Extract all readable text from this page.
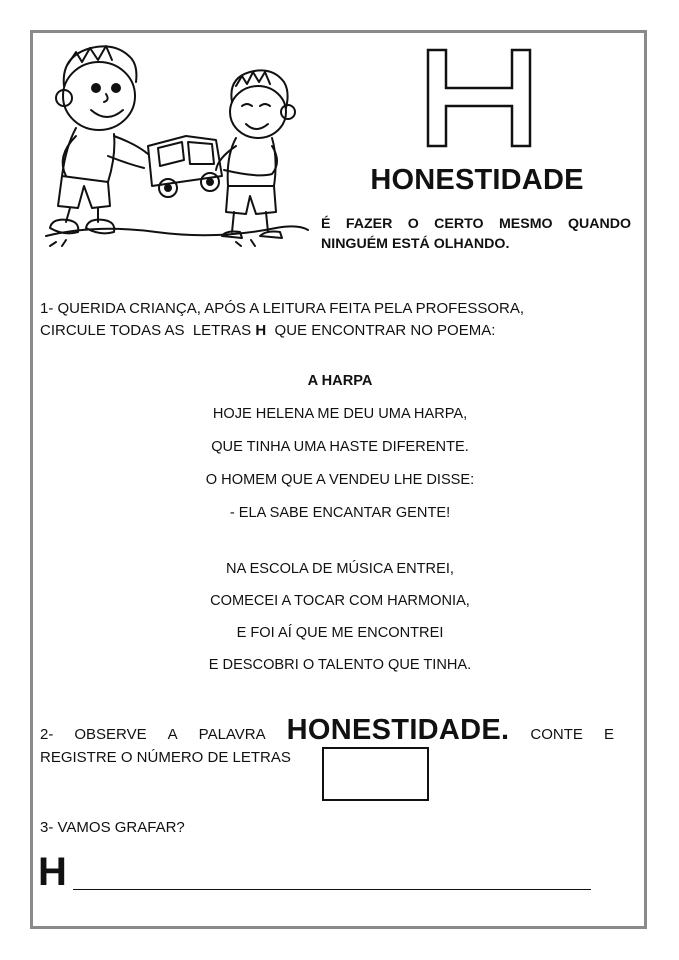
HONESTIDADE
É FAZER O CERTO MESMO QUANDO NINGUÉM ESTÁ OLHANDO.
1- QUERIDA CRIANÇA, APÓS A LEITURA FEITA PELA PROFESSORA,
CIRCULE TODAS AS  LETRAS H  QUE ENCONTRAR NO POEMA:
A HARPA
HOJE HELENA ME DEU UMA HARPA,
QUE TINHA UMA HASTE DIFERENTE.
O HOMEM QUE A VENDEU LHE DISSE:
- ELA SABE ENCANTAR GENTE!
NA ESCOLA DE MÚSICA ENTREI,
COMECEI A TOCAR COM HARMONIA,
E FOI AÍ QUE ME ENCONTREI
E DESCOBRI O TALENTO QUE TINHA.
2- OBSERVE A PALAVRA HONESTIDADE. CONTE E
REGISTRE O NÚMERO DE LETRAS
3- VAMOS GRAFAR?
H
